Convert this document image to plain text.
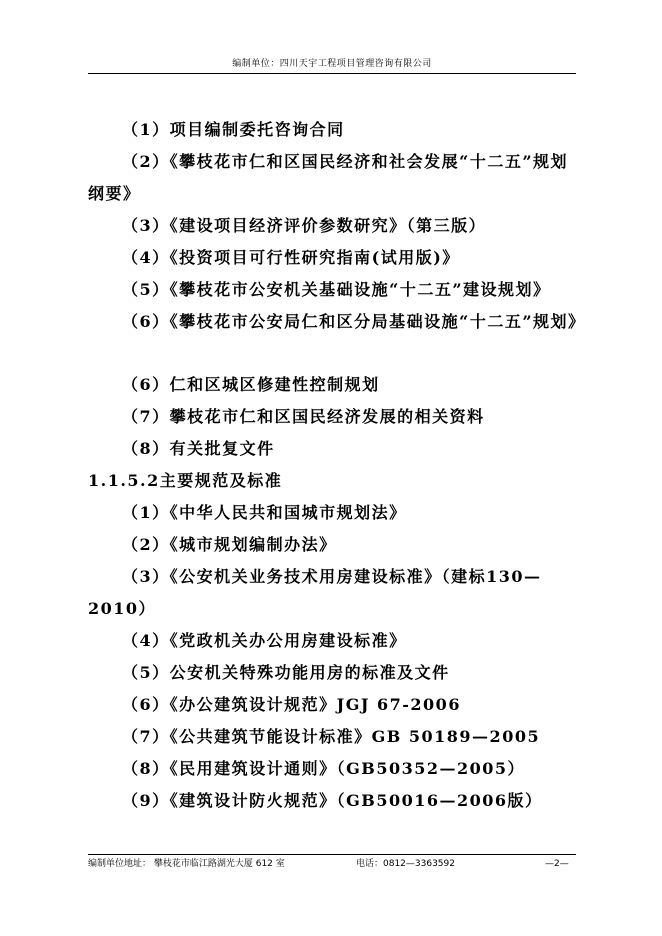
编制单位：四川天宇工程项目管理咨询有限公司
（1）项目编制委托咨询合同
（2）《攀枝花市仁和区国民经济和社会发展“十二五”规划
纲要》
（3）《建设项目经济评价参数研究》（第三版）
（4）《投资项目可行性研究指南(试用版)》
（5）《攀枝花市公安机关基础设施“十二五”建设规划》
（6）《攀枝花市公安局仁和区分局基础设施“十二五”规划》
（6）仁和区城区修建性控制规划
（7）攀枝花市仁和区国民经济发展的相关资料
（8）有关批复文件
1.1.5.2主要规范及标准
（1）《中华人民共和国城市规划法》
（2）《城市规划编制办法》
（3）《公安机关业务技术用房建设标准》（建标130—
2010）
（4）《党政机关办公用房建设标准》
（5）公安机关特殊功能用房的标准及文件
（6）《办公建筑设计规范》JGJ 67-2006
（7）《公共建筑节能设计标准》GB 50189—2005
（8）《民用建筑设计通则》（GB50352—2005）
（9）《建筑设计防火规范》（GB50016—2006版）
编制单位地址： 攀枝花市临江路湖光大厦 612 室	电话：0812—3363592	—2—
